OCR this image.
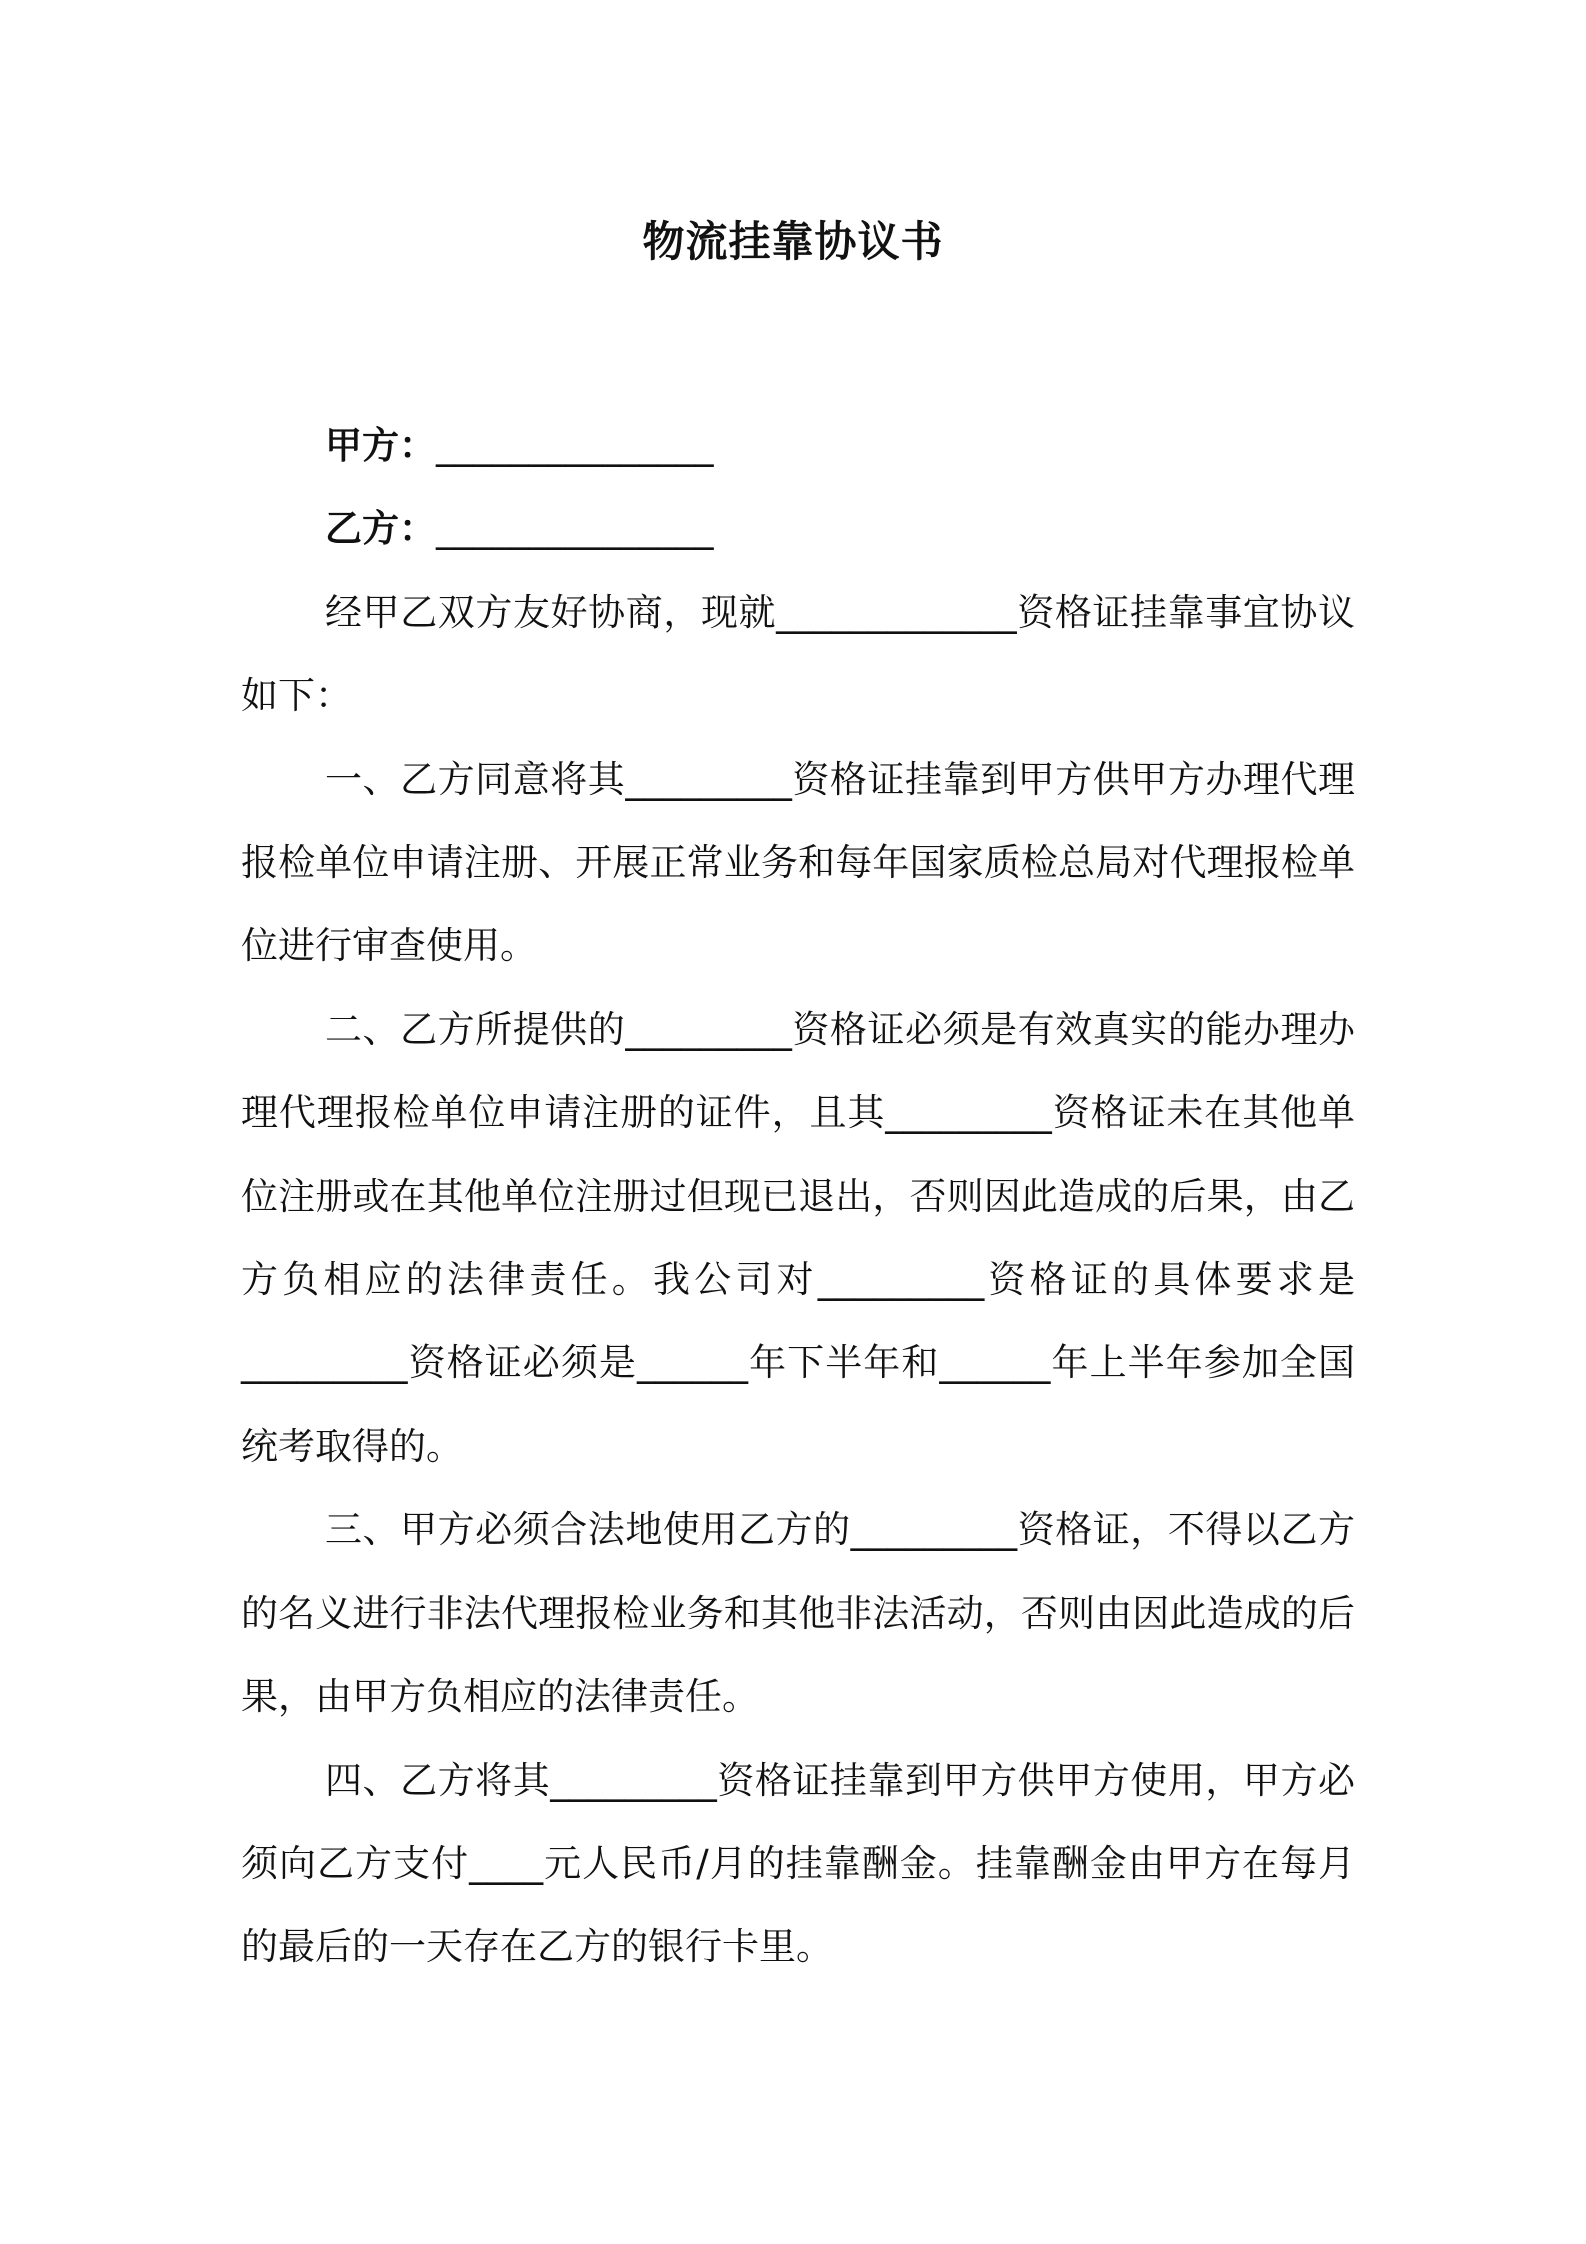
物流挂靠协议书

甲方：_______________

乙方：_______________

经甲乙双方友好协商，现就_____________资格证挂靠事宜协议如下：

一、乙方同意将其_________资格证挂靠到甲方供甲方办理代理报检单位申请注册、开展正常业务和每年国家质检总局对代理报检单位进行审查使用。

二、乙方所提供的_________资格证必须是有效真实的能办理办理代理报检单位申请注册的证件，且其_________资格证未在其他单位注册或在其他单位注册过但现已退出，否则因此造成的后果，由乙方负相应的法律责任。我公司对_________资格证的具体要求是_________资格证必须是______年下半年和______年上半年参加全国统考取得的。

三、甲方必须合法地使用乙方的_________资格证，不得以乙方的名义进行非法代理报检业务和其他非法活动，否则由因此造成的后果，由甲方负相应的法律责任。

四、乙方将其_________资格证挂靠到甲方供甲方使用，甲方必须向乙方支付____元人民币/月的挂靠酬金。挂靠酬金由甲方在每月的最后的一天存在乙方的银行卡里。
